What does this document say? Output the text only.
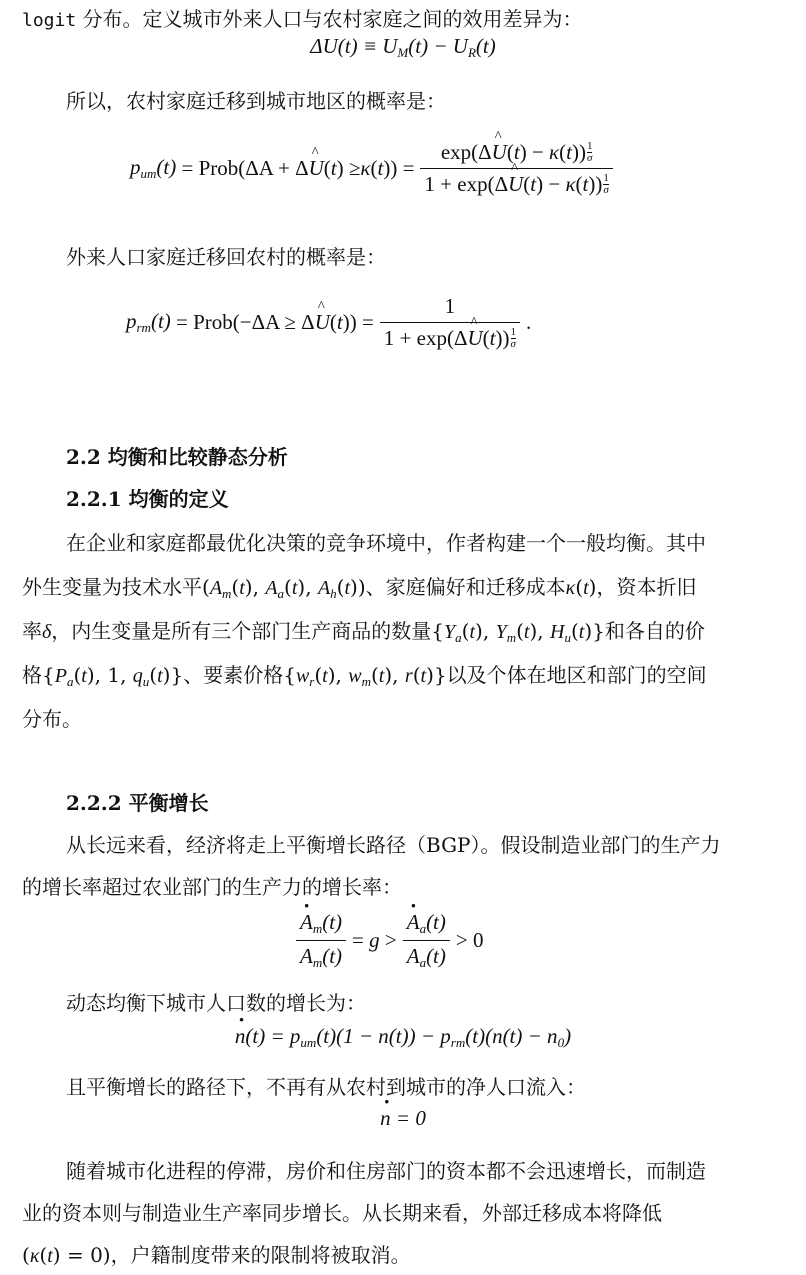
logit 分布。定义城市外来人口与农村家庭之间的效用差异为：
$\Delta U(t) \equiv U_M(t) - U_R(t)$
所以，农村家庭迁移到城市地区的概率是：
$p_{um}(t)$ = Prob(ΔA + Δ ^ U ( t ) ≥ κ ( t )) = $\frac{\exp(\Delta\^{} U(t) - \kappa(t)) \frac{1}{\sigma}}{1 + \exp(\Delta\^{} U(t) - \kappa(t)) \frac{1}{\sigma}}$
外来人口家庭迁移回农村的概率是：
$p_{rm}(t)$ = Prob(−ΔA ≥ Δ ^ U ( t )) = $\frac{1}{1 + \exp(\Delta\^{} U(t)) \frac{1}{\sigma}}$ .
2.2 均衡和比较静态分析
2.2.1 均衡的定义
在企业和家庭都最优化决策的竞争环境中，作者构建一个一般均衡。其中
外生变量为技术水平($A_m(t)$, $A_a(t)$, $A_h(t)$)、家庭偏好和迁移成本κ(t)，资本折旧
率δ，内生变量是所有三个部门生产商品的数量{$Y_a(t)$, $Y_m(t)$, $H_u(t)$}和各自的价
格{$P_a(t)$, 1, $q_u(t)$}、要素价格{$w_r(t)$, $w_m(t)$, r(t)}以及个体在地区和部门的空间
分布。
2.2.2 平衡增长
从长远来看，经济将走上平衡增长路径（BGP）。假设制造业部门的生产力
的增长率超过农业部门的生产力的增长率：
· $\frac{A_m(t)}{A_m(t)} = g$ > · $\frac{A_a(t)}{A_a(t)} > 0$
动态均衡下城市人口数的增长为：
· $n(t) = p_{um}(t)(1 - n(t)) - p_{rm}(t)(n(t) - n_0)$
且平衡增长的路径下，不再有从农村到城市的净人口流入：
· n = 0
随着城市化进程的停滞，房价和住房部门的资本都不会迅速增长，而制造
业的资本则与制造业生产率同步增长。从长期来看，外部迁移成本将降低
(κ(t) = 0)，户籍制度带来的限制将被取消。
